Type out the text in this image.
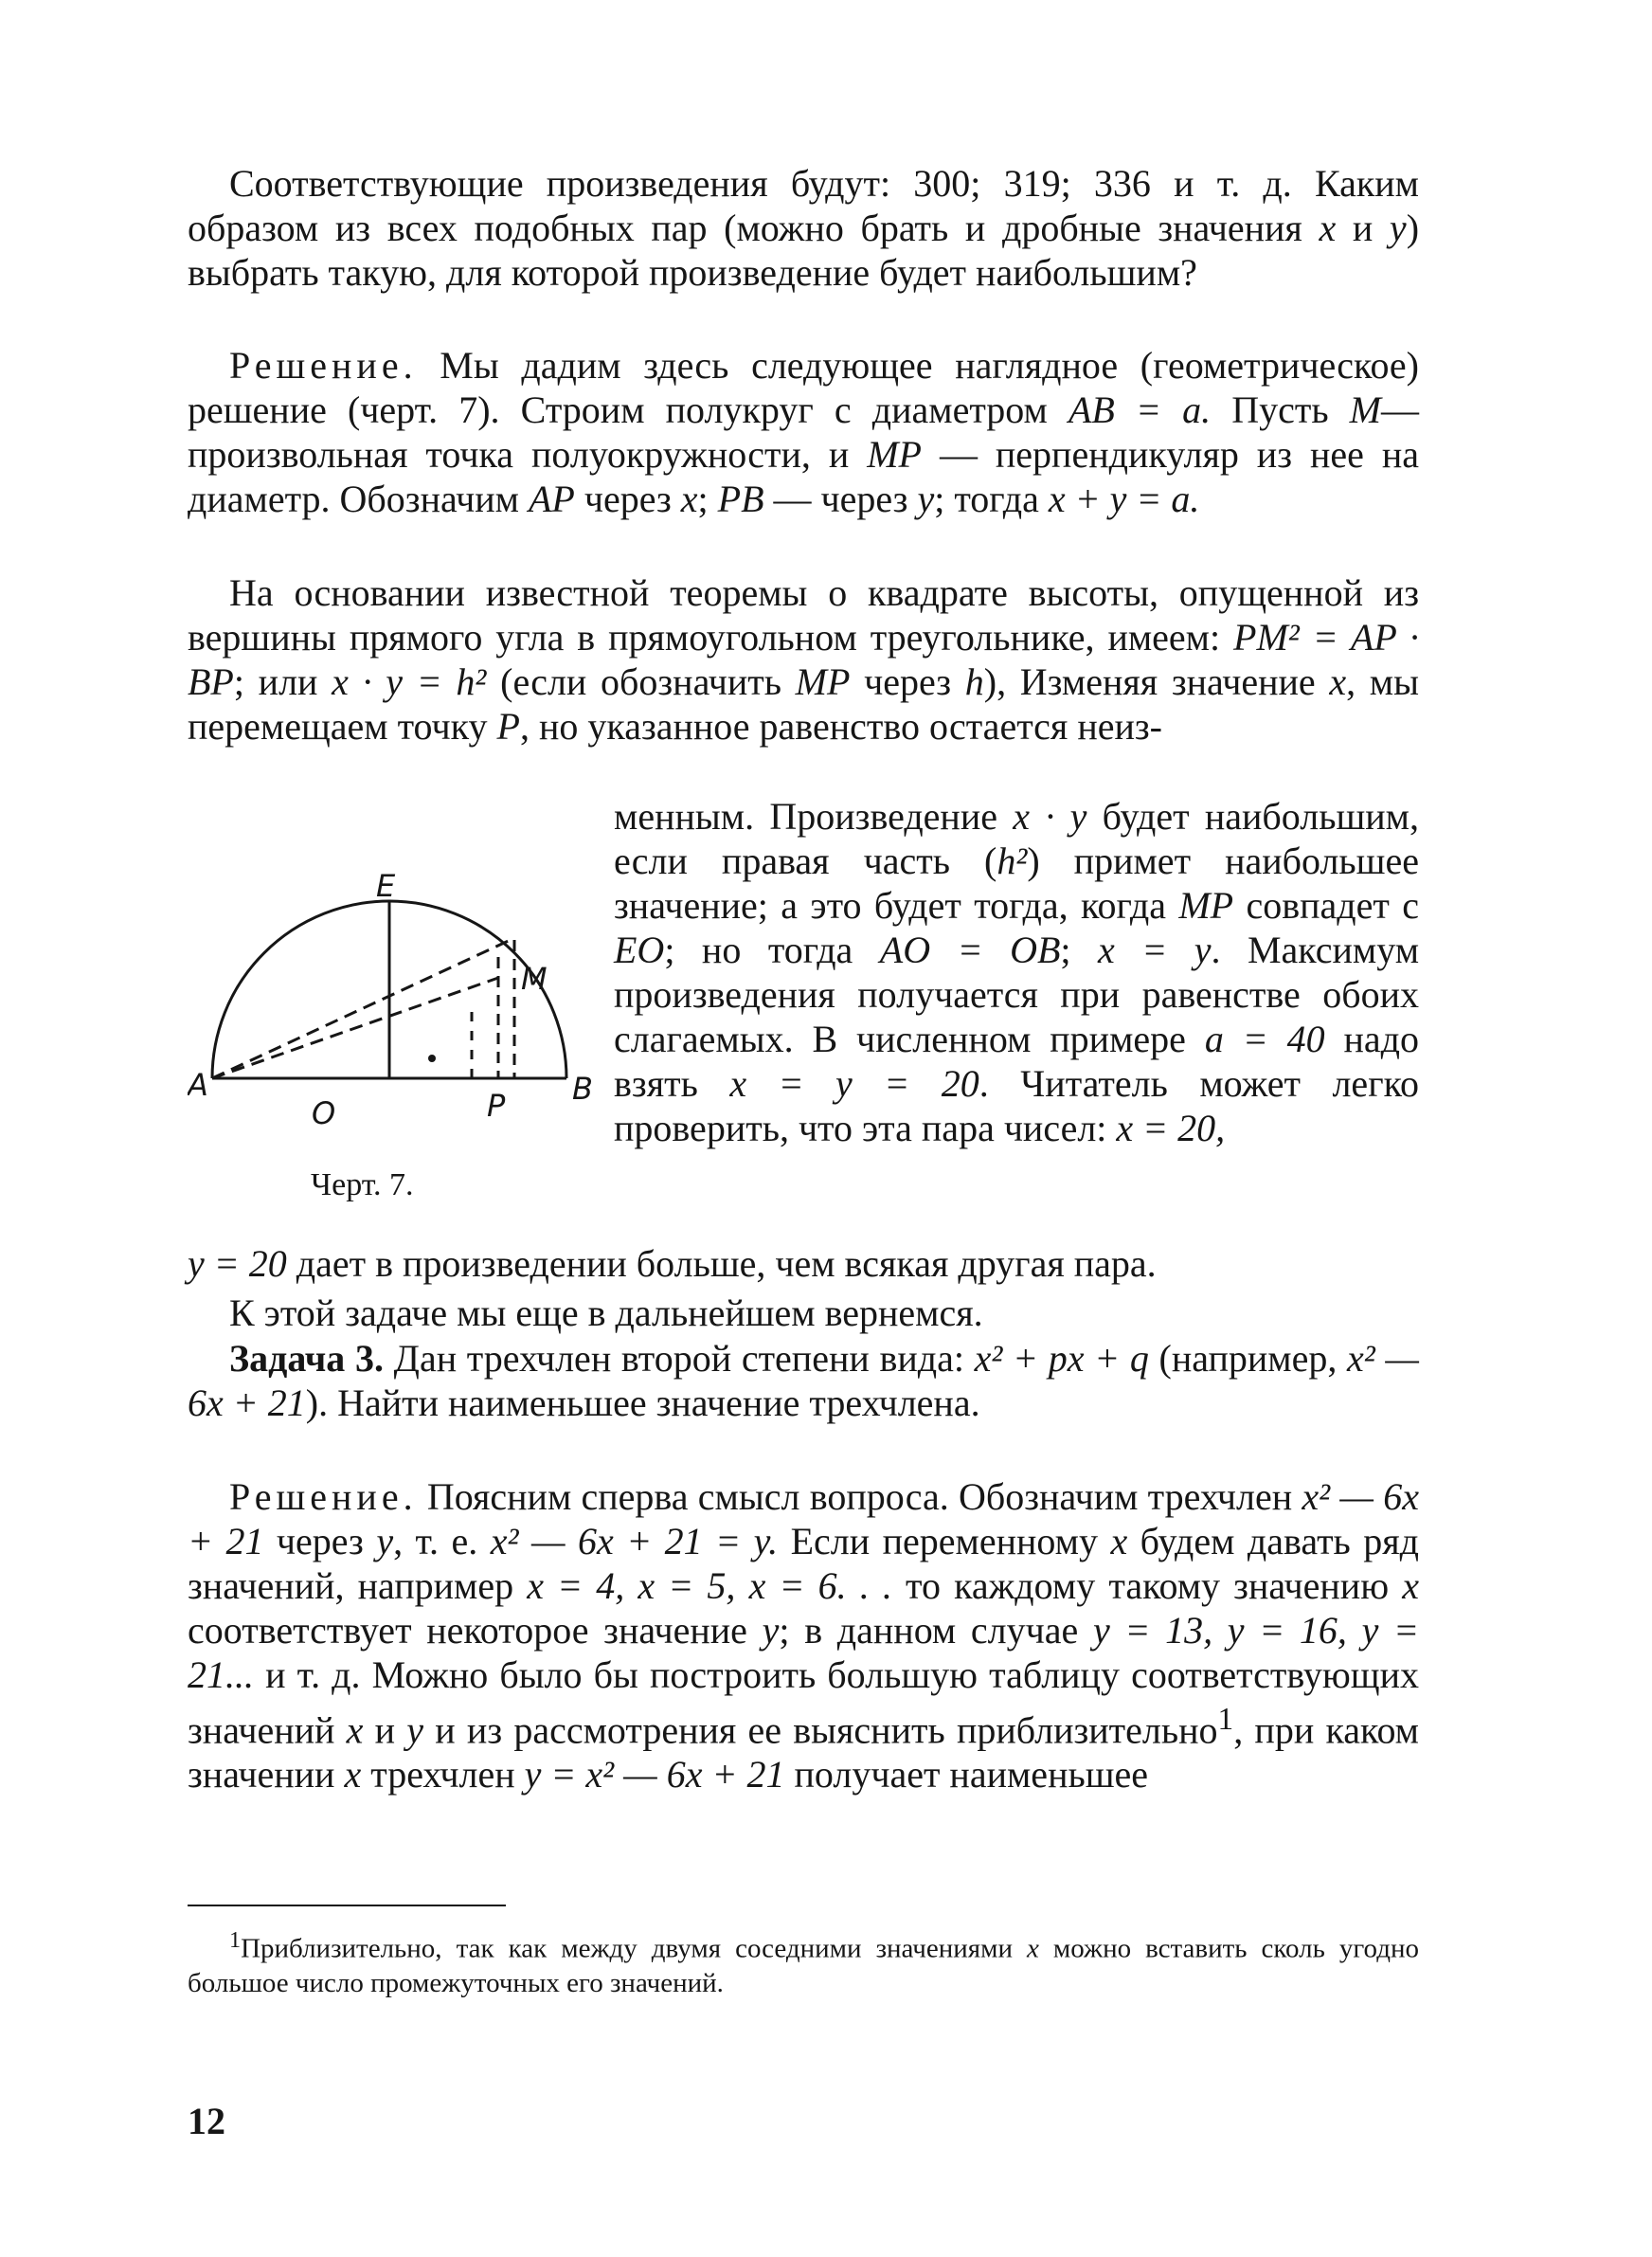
Соответствующие произведения будут: 300; 319; 336 и т. д. Каким образом из всех подобных пар (можно брать и дробные значения x и y) выбрать такую, для которой произведение будет наибольшим?

Решение. Мы дадим здесь следующее наглядное (геометрическое) решение (черт. 7). Строим полукруг с диаметром AB = a. Пусть M—произвольная точка полуокружности, и MP — перпендикуляр из нее на диаметр. Обозначим AP через x; PB — через y; тогда x + y = a.

На основании известной теоремы о квадрате высоты, опущенной из вершины прямого угла в прямоугольном треугольнике, имеем: PM² = AP · BP; или x · y = h² (если обозначить MP через h), Изменяя значение x, мы перемещаем точку P, но указанное равенство остается неиз-

E
M
A	B
O	P
Черт. 7.

менным. Произведение x · y будет наибольшим, если правая часть (h²) примет наибольшее значение; а это будет тогда, когда MP совпадет с EO; но тогда AO = OB; x = y. Максимум произведения получается при равенстве обоих слагаемых. В численном примере a = 40 надо взять x = y = 20. Читатель может легко проверить, что эта пара чисел: x = 20,

y = 20 дает в произведении больше, чем всякая другая пара.

К этой задаче мы еще в дальнейшем вернемся.

Задача 3. Дан трехчлен второй степени вида: x² + px + q (например, x² — 6x + 21). Найти наименьшее значение трехчлена.

Решение. Поясним сперва смысл вопроса. Обозначим трехчлен x² — 6x + 21 через y, т. е. x² — 6x + 21 = y. Если переменному x будем давать ряд значений, например x = 4, x = 5, x = 6. . . то каждому такому значению x соответствует некоторое значение y; в данном случае y = 13, y = 16, y = 21... и т. д. Можно было бы построить большую таблицу соответствующих значений x и y и из рассмотрения ее выяснить приблизительно$^1$, при каком значении x трехчлен y = x² — 6x + 21 получает наименьшее

$^1$Приблизительно, так как между двумя соседними значениями x можно вставить сколь угодно большое число промежуточных его значений.

12
